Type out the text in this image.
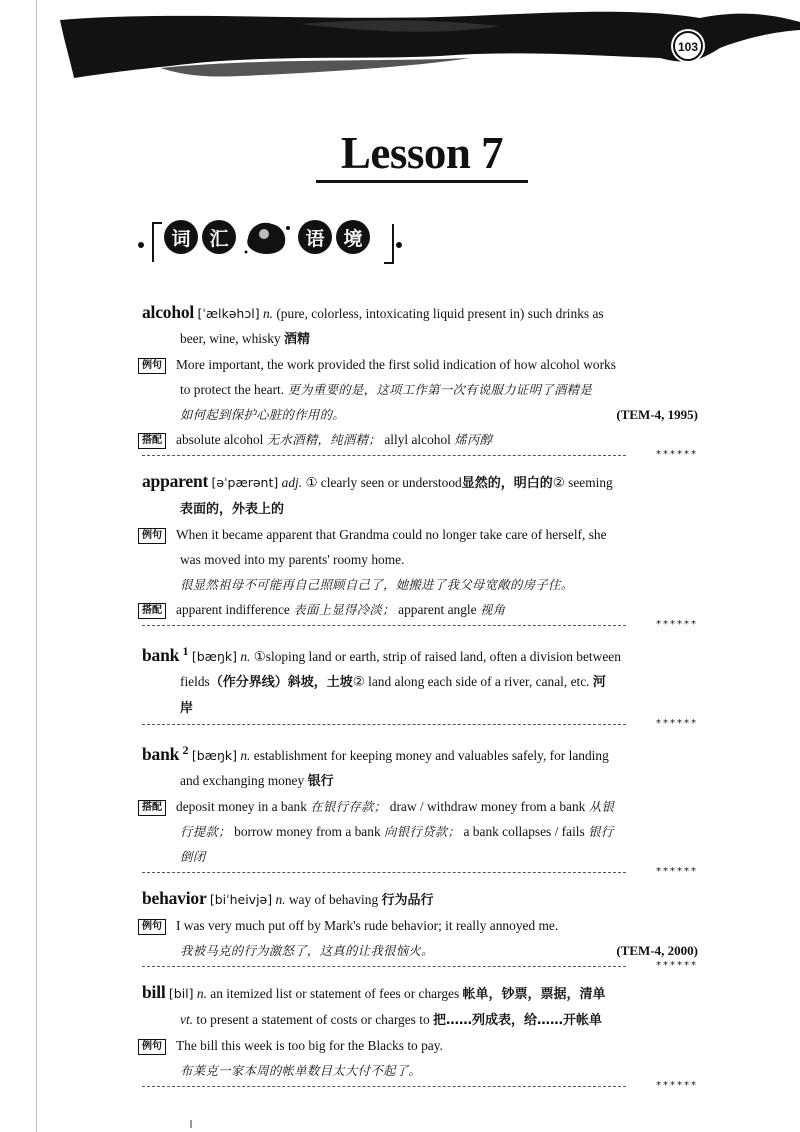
103
Lesson 7
词 汇	语 境
alcohol [ˈælkəhɔl] n. (pure, colorless, intoxicating liquid present in) such drinks as
beer, wine, whisky 酒精
例句 More important, the work provided the first solid indication of how alcohol works
to protect the heart. 更为重要的是，这项工作第一次有说服力证明了酒精是
如何起到保护心脏的作用的。	(TEM-4, 1995)
搭配 absolute alcohol 无水酒精，纯酒精； allyl alcohol 烯丙醇
******
apparent [əˈpærənt] adj. ① clearly seen or understood显然的，明白的② seeming
表面的，外表上的
例句 When it became apparent that Grandma could no longer take care of herself, she
was moved into my parents' roomy home.
很显然祖母不可能再自己照顾自己了，她搬进了我父母宽敞的房子住。
搭配 apparent indifference 表面上显得冷淡； apparent angle 视角
******
bank 1 [bæŋk] n. ①sloping land or earth, strip of raised land, often a division between
fields（作分界线）斜坡，土坡② land along each side of a river, canal, etc. 河
岸
******
bank 2 [bæŋk] n. establishment for keeping money and valuables safely, for landing
and exchanging money 银行
搭配 deposit money in a bank 在银行存款； draw / withdraw money from a bank 从银
行提款； borrow money from a bank 向银行贷款； a bank collapses / fails 银行
倒闭
******
behavior [biˈheivjə] n. way of behaving 行为品行
例句 I was very much put off by Mark's rude behavior; it really annoyed me.
我被马克的行为激怒了，这真的让我很恼火。	(TEM-4, 2000)
******
bill [bil] n. an itemized list or statement of fees or charges 帐单，钞票，票据，清单
vt. to present a statement of costs or charges to 把……列成表，给……开帐单
例句 The bill this week is too big for the Blacks to pay.
布莱克一家本周的帐单数目太大付不起了。
******
